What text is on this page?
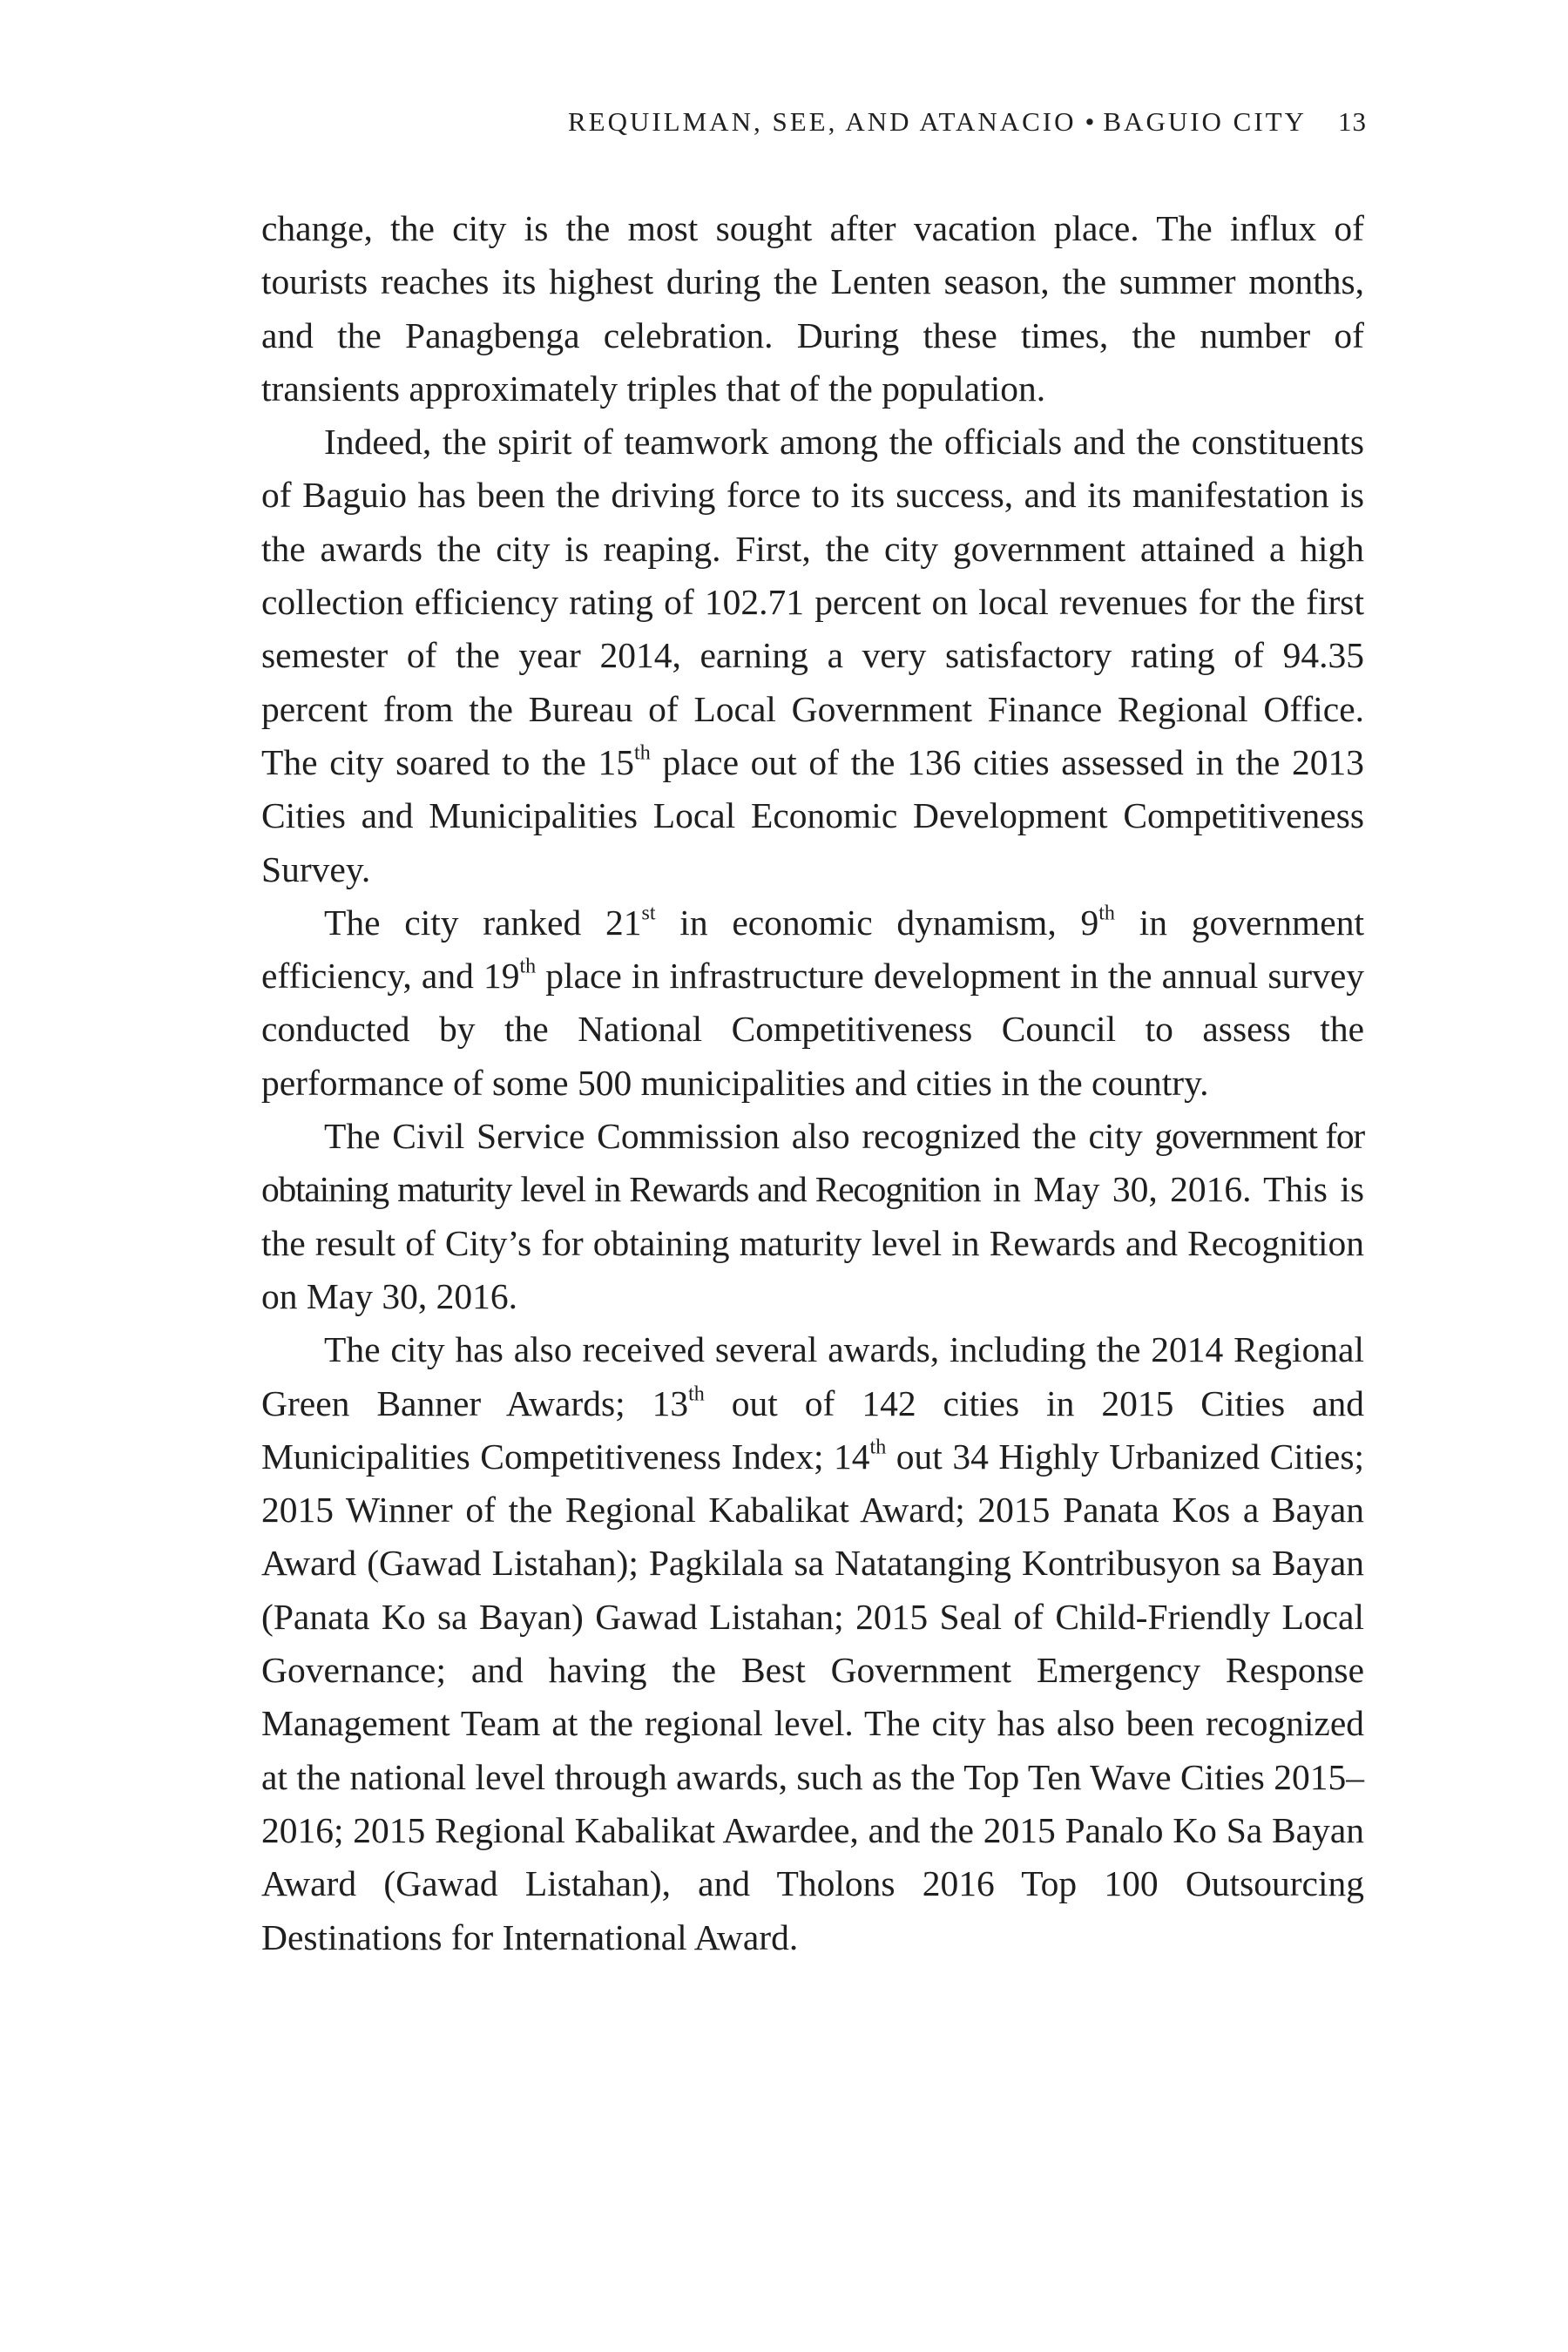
REQUILMAN, SEE, AND ATANACIO • BAGUIO CITY	13

change, the city is the most sought after vacation place. The influx of tourists reaches its highest during the Lenten season, the summer months, and the Panagbenga celebration. During these times, the number of transients approximately triples that of the population.

Indeed, the spirit of teamwork among the officials and the constituents of Baguio has been the driving force to its success, and its manifestation is the awards the city is reaping. First, the city government attained a high collection efficiency rating of 102.71 percent on local revenues for the first semester of the year 2014, earning a very satisfactory rating of 94.35 percent from the Bureau of Local Government Finance Regional Office. The city soared to the 15th place out of the 136 cities assessed in the 2013 Cities and Municipalities Local Economic Development Competitiveness Survey.

The city ranked 21st in economic dynamism, 9th in government efficiency, and 19th place in infrastructure development in the annual survey conducted by the National Competitiveness Council to assess the performance of some 500 municipalities and cities in the country.

The Civil Service Commission also recognized the city government for obtaining maturity level in Rewards and Recognition in May 30, 2016. This is the result of City’s for obtaining maturity level in Rewards and Recognition on May 30, 2016.

The city has also received several awards, including the 2014 Regional Green Banner Awards; 13th out of 142 cities in 2015 Cities and Municipalities Competitiveness Index; 14th out 34 Highly Urbanized Cities; 2015 Winner of the Regional Kabalikat Award; 2015 Panata Kos a Bayan Award (Gawad Listahan); Pagkilala sa Natatanging Kontribusyon sa Bayan (Panata Ko sa Bayan) Gawad Listahan; 2015 Seal of Child-Friendly Local Governance; and having the Best Government Emergency Response Management Team at the regional level. The city has also been recognized at the national level through awards, such as the Top Ten Wave Cities 2015–2016; 2015 Regional Kabalikat Awardee, and the 2015 Panalo Ko Sa Bayan Award (Gawad Listahan), and Tholons 2016 Top 100 Outsourcing Destinations for International Award.
